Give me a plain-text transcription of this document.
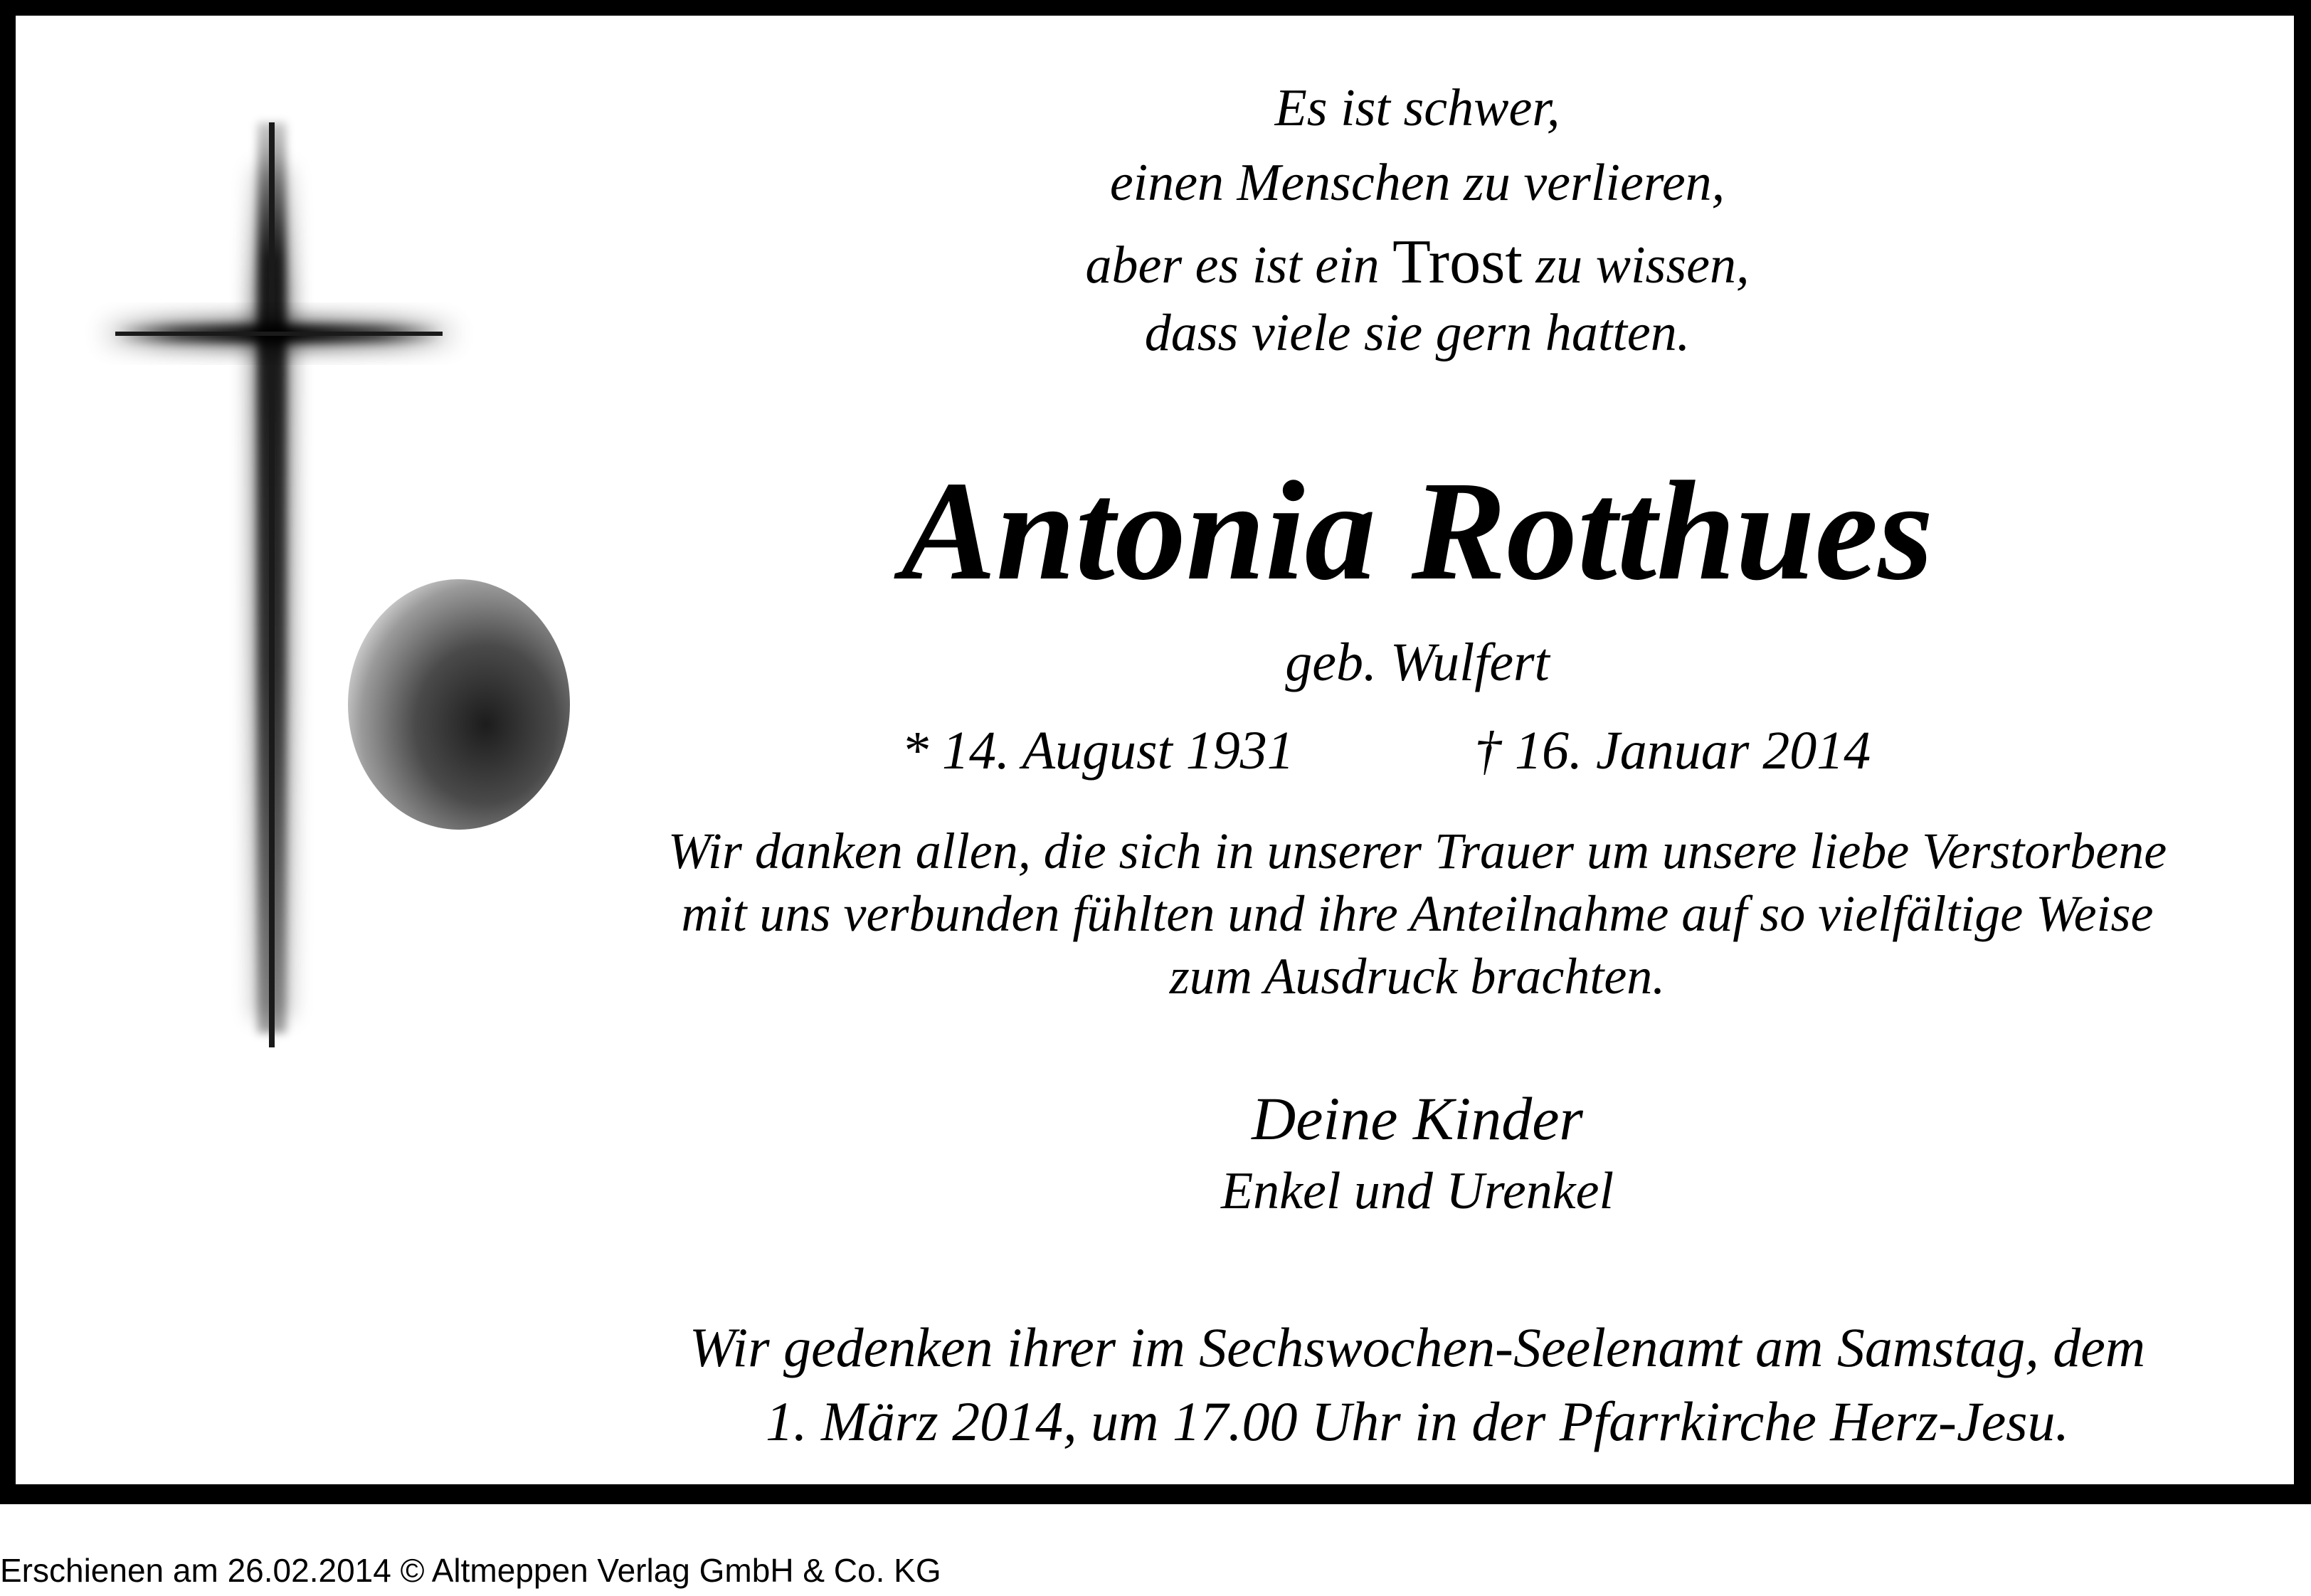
Es ist schwer,
einen Menschen zu verlieren,
aber es ist ein Trost zu wissen,
dass viele sie gern hatten.
Antonia Rotthues
geb. Wulfert
* 14. August 1931	† 16. Januar 2014
Wir danken allen, die sich in unserer Trauer um unsere liebe Verstorbene
mit uns verbunden fühlten und ihre Anteilnahme auf so vielfältige Weise
zum Ausdruck brachten.
Deine Kinder
Enkel und Urenkel
Wir gedenken ihrer im Sechswochen-Seelenamt am Samstag, dem
1. März 2014, um 17.00 Uhr in der Pfarrkirche Herz-Jesu.
Erschienen am 26.02.2014 © Altmeppen Verlag GmbH & Co. KG
